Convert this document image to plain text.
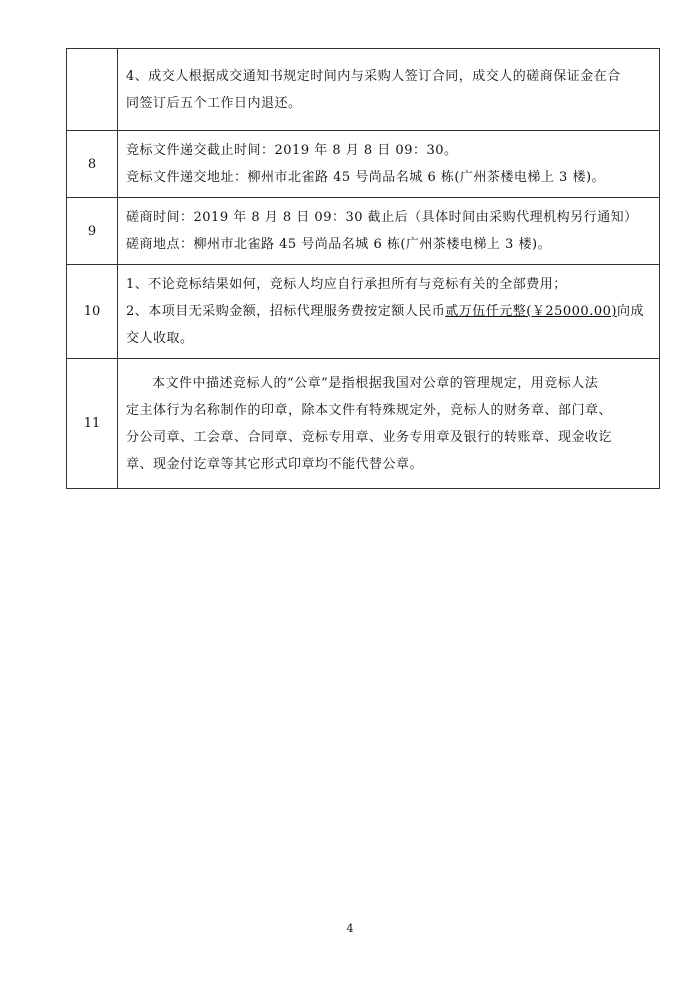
	4、成交人根据成交通知书规定时间内与采购人签订合同，成交人的磋商保证金在合
同签订后五个工作日内退还。

8	竞标文件递交截止时间：2019 年 8 月 8 日 09：30。
竞标文件递交地址：柳州市北雀路 45 号尚品名城 6 栋(广州茶楼电梯上 3 楼)。

9	磋商时间：2019 年 8 月 8 日 09：30 截止后（具体时间由采购代理机构另行通知）
磋商地点：柳州市北雀路 45 号尚品名城 6 栋(广州茶楼电梯上 3 楼)。

10	1、不论竞标结果如何，竞标人均应自行承担所有与竞标有关的全部费用；
2、本项目无采购金额，招标代理服务费按定额人民币贰万伍仟元整(￥25000.00)向成
交人收取。

11	本文件中描述竞标人的“公章”是指根据我国对公章的管理规定，用竞标人法
定主体行为名称制作的印章，除本文件有特殊规定外，竞标人的财务章、部门章、
分公司章、工会章、合同章、竞标专用章、业务专用章及银行的转账章、现金收讫
章、现金付讫章等其它形式印章均不能代替公章。
4
